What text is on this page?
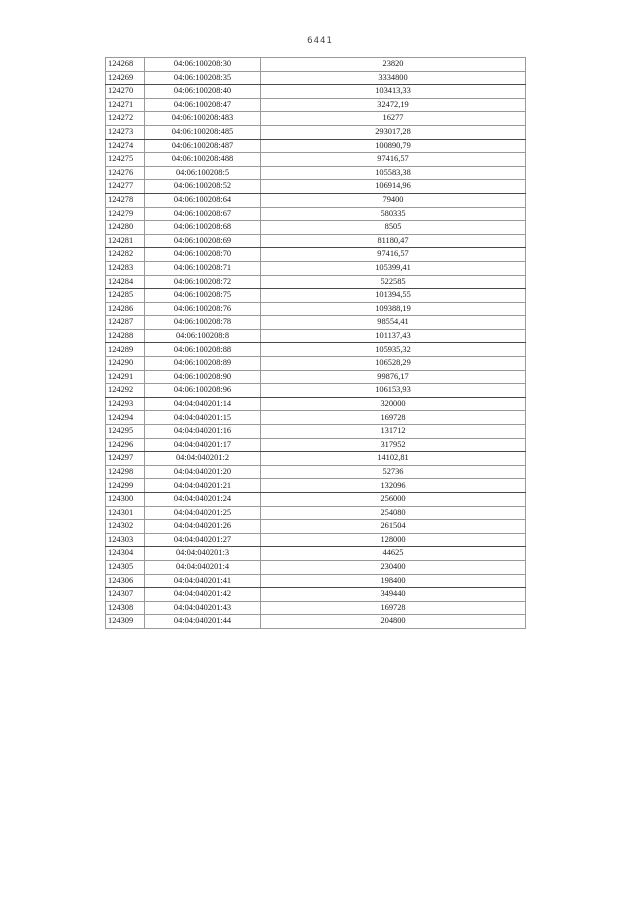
6441
124268	04:06:100208:30	23820
124269	04:06:100208:35	3334800
124270	04:06:100208:40	103413,33
124271	04:06:100208:47	32472,19
124272	04:06:100208:483	16277
124273	04:06:100208:485	293017,28
124274	04:06:100208:487	100890,79
124275	04:06:100208:488	97416,57
124276	04:06:100208:5	105583,38
124277	04:06:100208:52	106914,96
124278	04:06:100208:64	79400
124279	04:06:100208:67	580335
124280	04:06:100208:68	8505
124281	04:06:100208:69	81180,47
124282	04:06:100208:70	97416,57
124283	04:06:100208:71	105399,41
124284	04:06:100208:72	522585
124285	04:06:100208:75	101394,55
124286	04:06:100208:76	109388,19
124287	04:06:100208:78	98554,41
124288	04:06:100208:8	101137,43
124289	04:06:100208:88	105935,32
124290	04:06:100208:89	106528,29
124291	04:06:100208:90	99876,17
124292	04:06:100208:96	106153,93
124293	04:04:040201:14	320000
124294	04:04:040201:15	169728
124295	04:04:040201:16	131712
124296	04:04:040201:17	317952
124297	04:04:040201:2	14102,81
124298	04:04:040201:20	52736
124299	04:04:040201:21	132096
124300	04:04:040201:24	256000
124301	04:04:040201:25	254080
124302	04:04:040201:26	261504
124303	04:04:040201:27	128000
124304	04:04:040201:3	44625
124305	04:04:040201:4	230400
124306	04:04:040201:41	198400
124307	04:04:040201:42	349440
124308	04:04:040201:43	169728
124309	04:04:040201:44	204800
